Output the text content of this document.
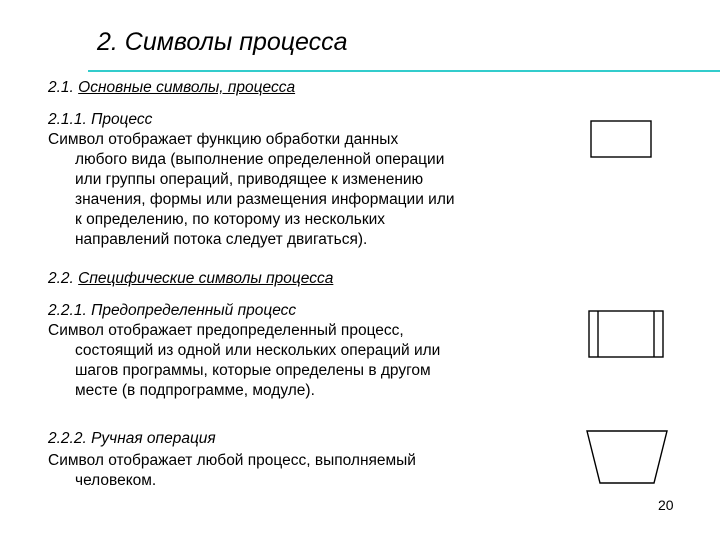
2. Символы процесса
2.1. Основные символы, процесса
2.1.1. Процесс

Символ отображает функцию обработки данных

любого вида (выполнение определенной операции

или группы операций, приводящее к изменению

значения, формы или размещения информации или

к определению, по которому из нескольких

направлений потока следует двигаться).

2.2. Специфические символы процесса
2.2.1. Предопределенный процесс

Символ отображает предопределенный процесс,

состоящий из одной или нескольких операций или

шагов программы, которые определены в другом

месте (в подпрограмме, модуле).

2.2.2. Ручная операция

Символ отображает любой процесс, выполняемый

человеком.

20
